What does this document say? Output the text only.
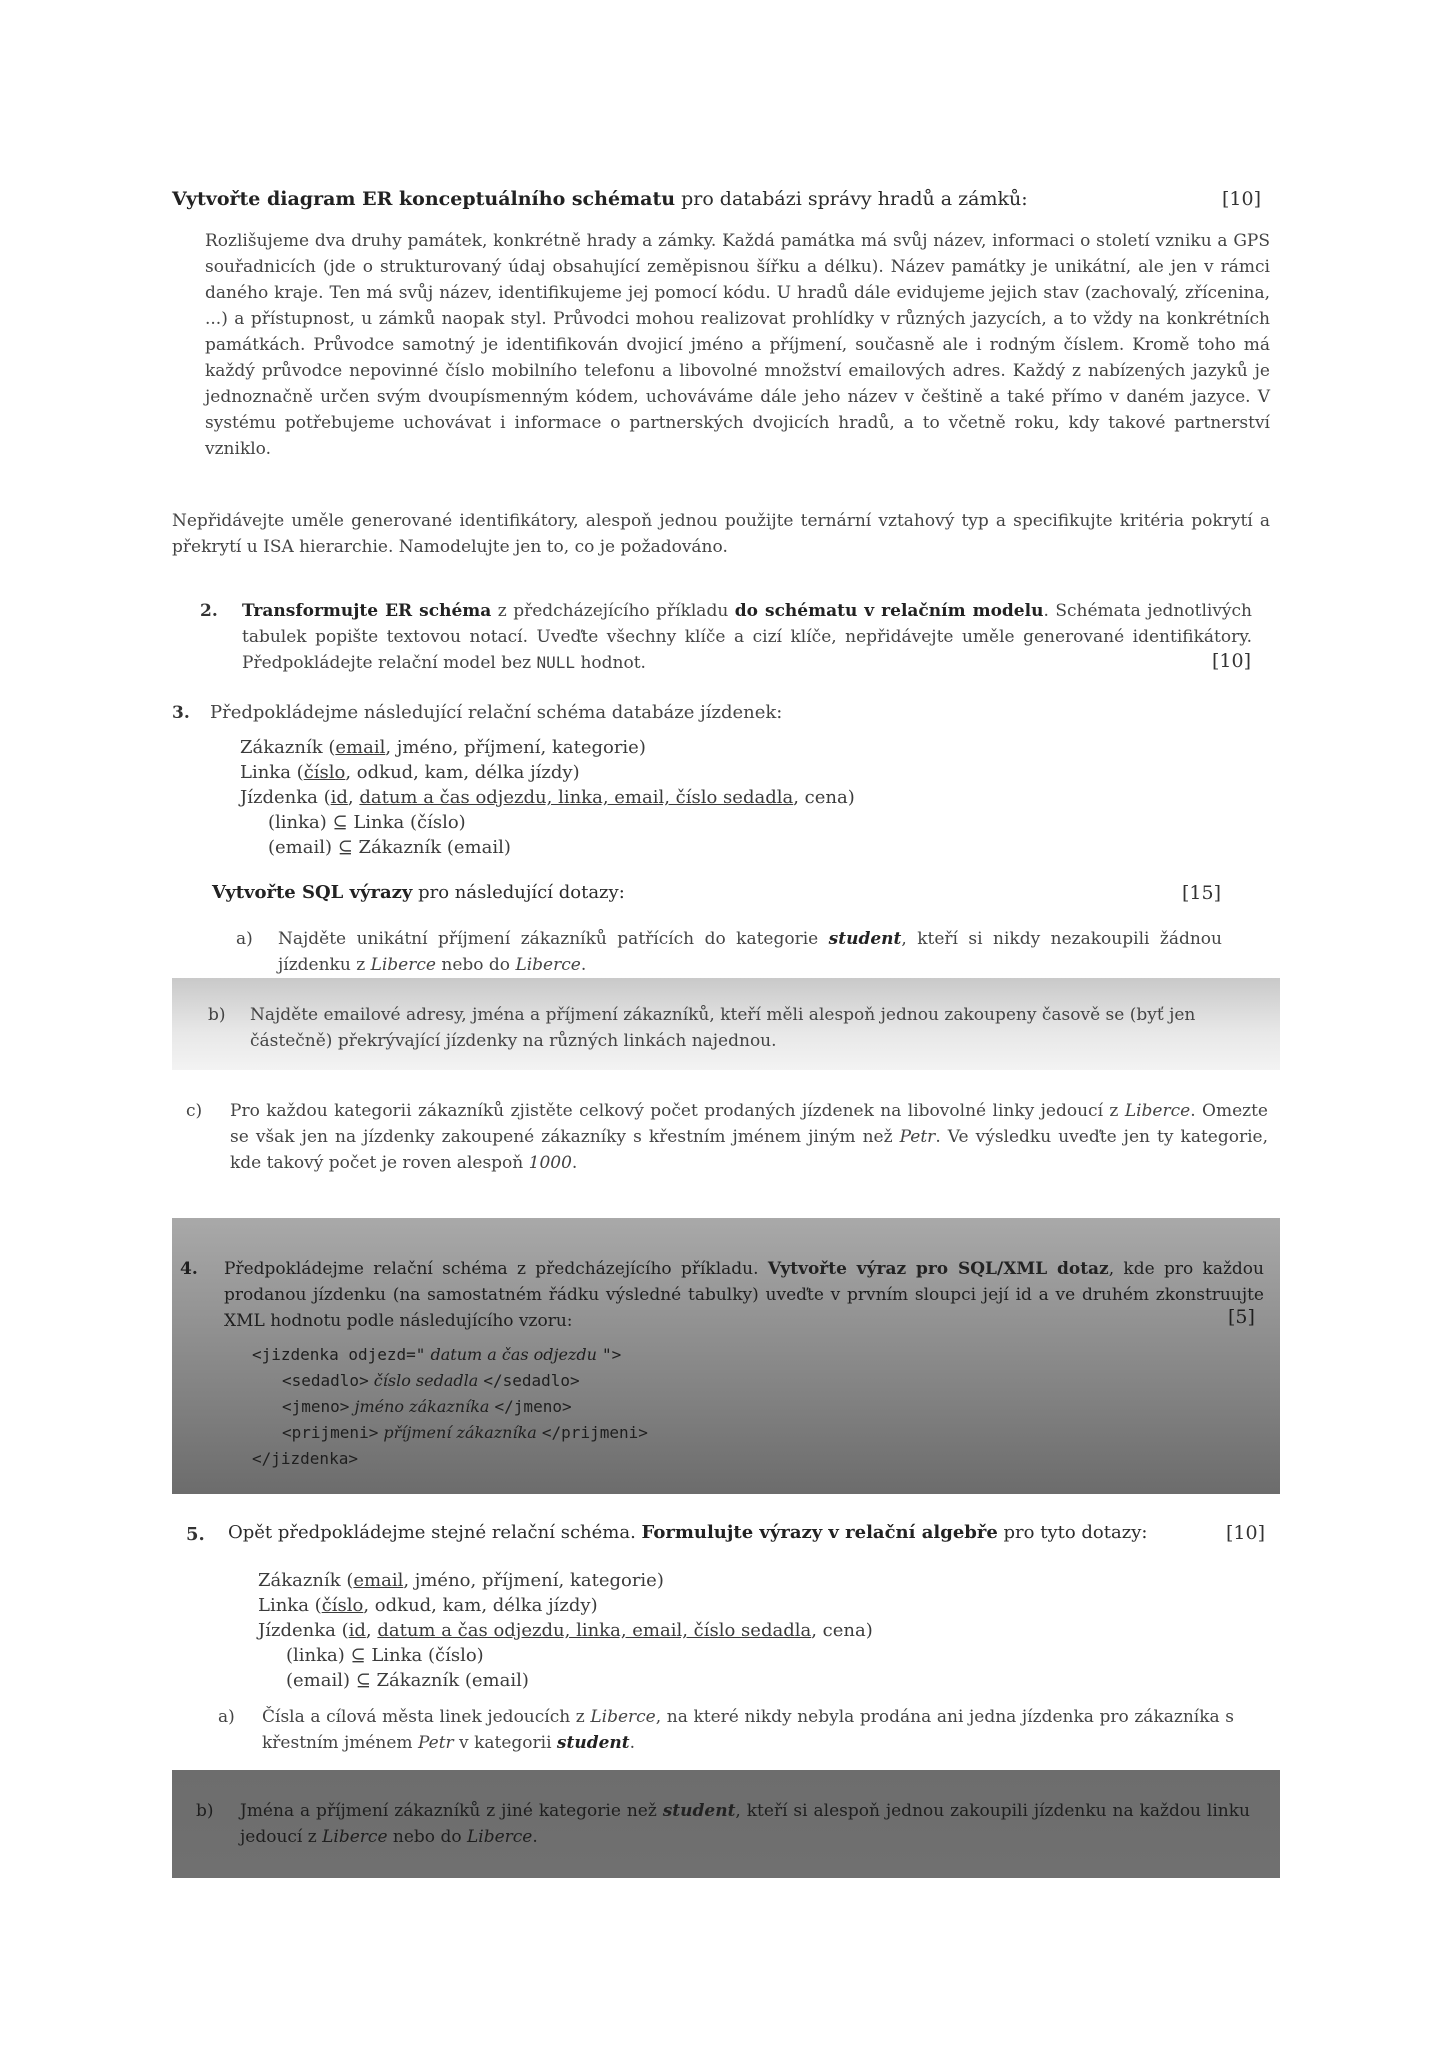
Vytvořte diagram ER konceptuálního schématu pro databázi správy hradů a zámků:	[10]
Rozlišujeme dva druhy památek, konkrétně hrady a zámky. Každá památka má svůj název, informaci o století vzniku a GPS souřadnicích (jde o strukturovaný údaj obsahující zeměpisnou šířku a délku). Název památky je unikátní, ale jen v rámci daného kraje. Ten má svůj název, identifikujeme jej pomocí kódu. U hradů dále evidujeme jejich stav (zachovalý, zřícenina, ...) a přístupnost, u zámků naopak styl. Průvodci mohou realizovat prohlídky v různých jazycích, a to vždy na konkrétních památkách. Průvodce samotný je identifikován dvojicí jméno a příjmení, současně ale i rodným číslem. Kromě toho má každý průvodce nepovinné číslo mobilního telefonu a libovolné množství emailových adres. Každý z nabízených jazyků je jednoznačně určen svým dvoupísmenným kódem, uchováváme dále jeho název v češtině a také přímo v daném jazyce. V systému potřebujeme uchovávat i informace o partnerských dvojicích hradů, a to včetně roku, kdy takové partnerství vzniklo.
Nepřidávejte uměle generované identifikátory, alespoň jednou použijte ternární vztahový typ a specifikujte kritéria pokrytí a překrytí u ISA hierarchie. Namodelujte jen to, co je požadováno.
2. Transformujte ER schéma z předcházejícího příkladu do schématu v relačním modelu. Schémata jednotlivých tabulek popište textovou notací. Uveďte všechny klíče a cizí klíče, nepřidávejte uměle generované identifikátory. Předpokládejte relační model bez NULL hodnot.	[10]
3. Předpokládejme následující relační schéma databáze jízdenek:
Zákazník (email, jméno, příjmení, kategorie)
Linka (číslo, odkud, kam, délka jízdy)
Jízdenka (id, datum a čas odjezdu, linka, email, číslo sedadla, cena)
(linka) ⊆ Linka (číslo)
(email) ⊆ Zákazník (email)
Vytvořte SQL výrazy pro následující dotazy:	[15]
a) Najděte unikátní příjmení zákazníků patřících do kategorie student, kteří si nikdy nezakoupili žádnou jízdenku z Liberce nebo do Liberce.
b) Najděte emailové adresy, jména a příjmení zákazníků, kteří měli alespoň jednou zakoupeny časově se (byť jen částečně) překrývající jízdenky na různých linkách najednou.
c) Pro každou kategorii zákazníků zjistěte celkový počet prodaných jízdenek na libovolné linky jedoucí z Liberce. Omezte se však jen na jízdenky zakoupené zákazníky s křestním jménem jiným než Petr. Ve výsledku uveďte jen ty kategorie, kde takový počet je roven alespoň 1000.
4. Předpokládejme relační schéma z předcházejícího příkladu. Vytvořte výraz pro SQL/XML dotaz, kde pro každou prodanou jízdenku (na samostatném řádku výsledné tabulky) uveďte v prvním sloupci její id a ve druhém zkonstruujte XML hodnotu podle následujícího vzoru:	[5]
<jizdenka odjezd=" datum a čas odjezdu ">
<sedadlo> číslo sedadla </sedadlo>
<jmeno> jméno zákazníka </jmeno>
<prijmeni> příjmení zákazníka </prijmeni>
</jizdenka>
5. Opět předpokládejme stejné relační schéma. Formulujte výrazy v relační algebře pro tyto dotazy:	[10]
Zákazník (email, jméno, příjmení, kategorie)
Linka (číslo, odkud, kam, délka jízdy)
Jízdenka (id, datum a čas odjezdu, linka, email, číslo sedadla, cena)
(linka) ⊆ Linka (číslo)
(email) ⊆ Zákazník (email)
a) Čísla a cílová města linek jedoucích z Liberce, na které nikdy nebyla prodána ani jedna jízdenka pro zákazníka s křestním jménem Petr v kategorii student.
b) Jména a příjmení zákazníků z jiné kategorie než student, kteří si alespoň jednou zakoupili jízdenku na každou linku jedoucí z Liberce nebo do Liberce.
